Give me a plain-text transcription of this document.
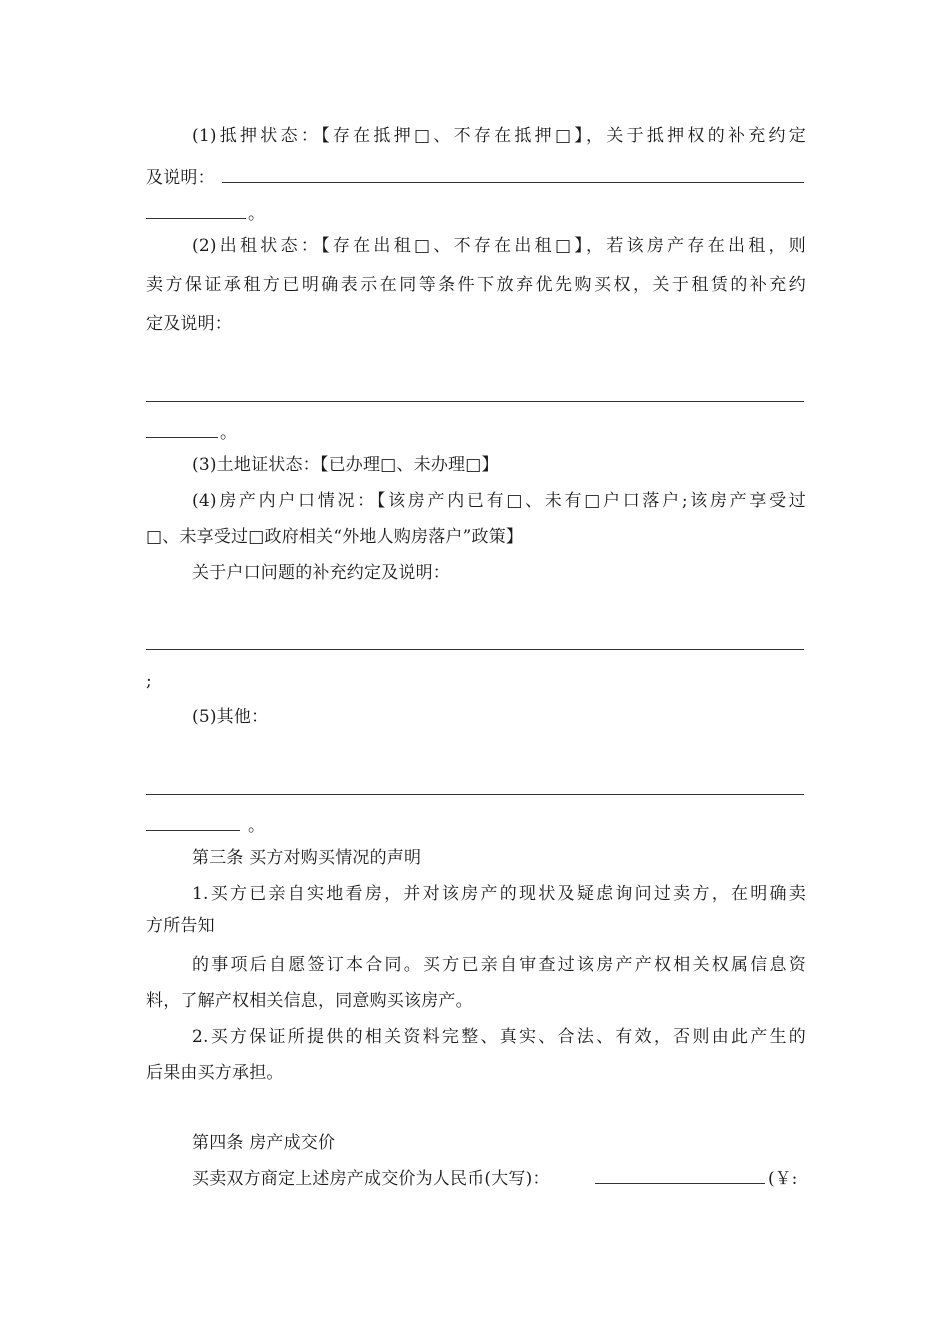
(1)抵押状态：【存在抵押□、不存在抵押□】，关于抵押权的补充约定
及说明：
。
(2)出租状态：【存在出租□、不存在出租□】，若该房产存在出租，则
卖方保证承租方已明确表示在同等条件下放弃优先购买权，关于租赁的补充约
定及说明：
。
(3)土地证状态：【已办理□、未办理□】
(4)房产内户口情况：【该房产内已有□、未有□户口落户;该房产享受过
□、未享受过□政府相关“外地人购房落户”政策】
关于户口问题的补充约定及说明：
;
(5)其他：
。
第三条 买方对购买情况的声明
1.买方已亲自实地看房，并对该房产的现状及疑虑询问过卖方，在明确卖
方所告知
的事项后自愿签订本合同。买方已亲自审查过该房产产权相关权属信息资
料，了解产权相关信息，同意购买该房产。
2.买方保证所提供的相关资料完整、真实、合法、有效，否则由此产生的
后果由买方承担。
第四条 房产成交价
买卖双方商定上述房产成交价为人民币(大写)：	(￥:
